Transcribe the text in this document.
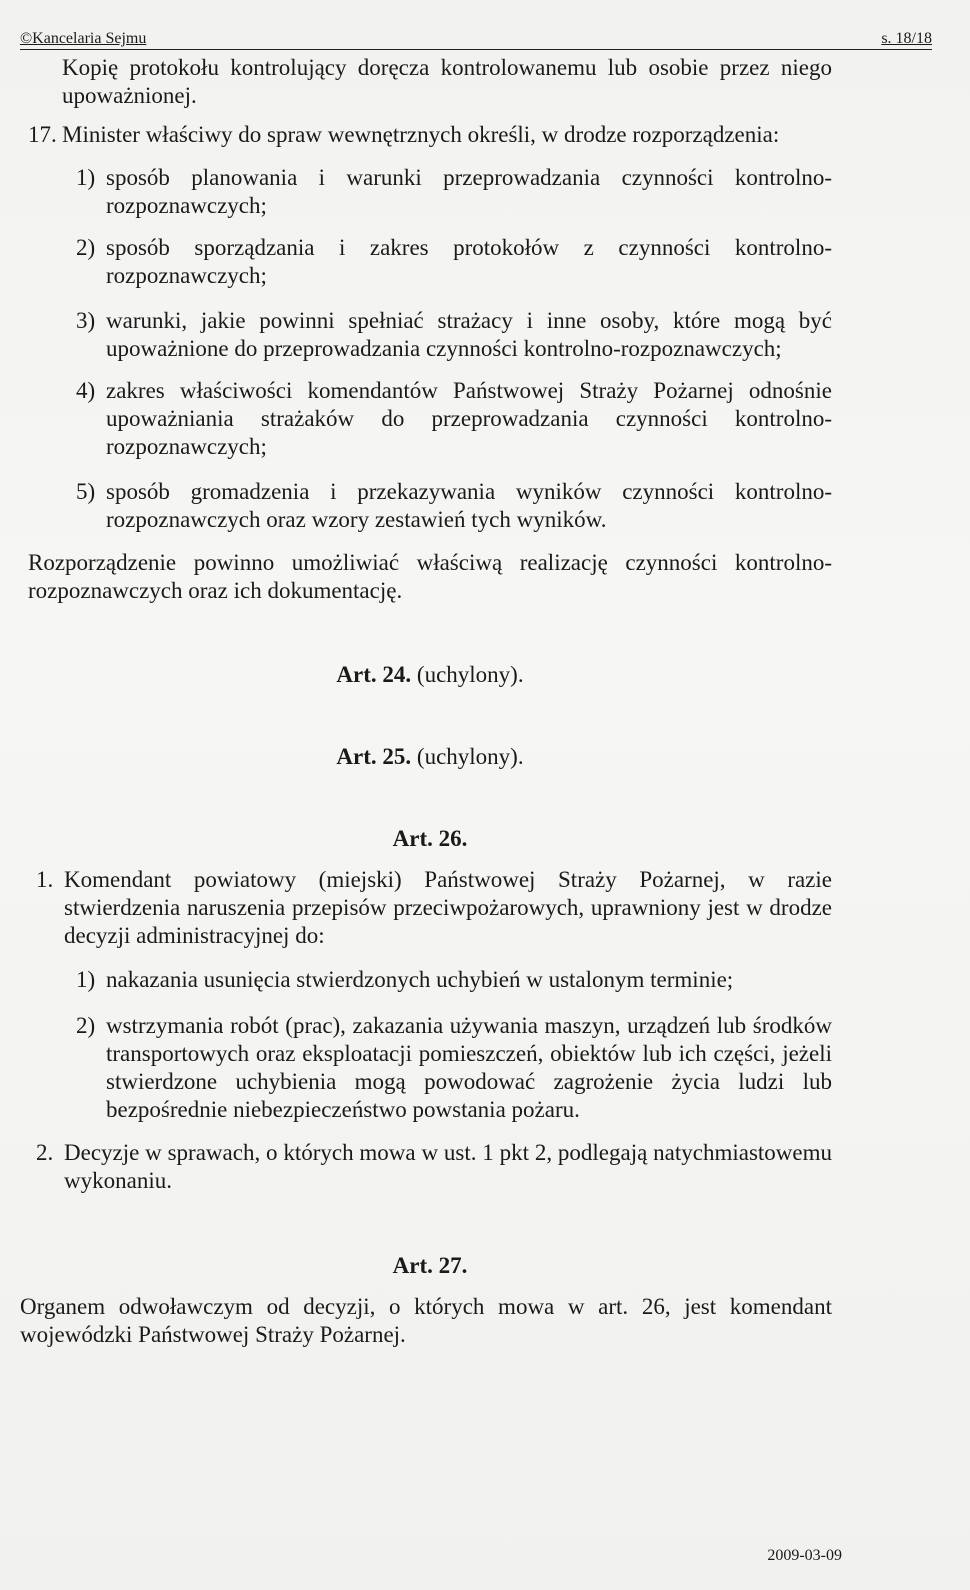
©Kancelaria Sejmu	s. 18/18

Kopię protokołu kontrolujący doręcza kontrolowanemu lub osobie przez niego upoważnionej.

17. Minister właściwy do spraw wewnętrznych określi, w drodze rozporządzenia:
1) sposób planowania i warunki przeprowadzania czynności kontrolno-rozpoznawczych;
2) sposób sporządzania i zakres protokołów z czynności kontrolno-rozpoznawczych;
3) warunki, jakie powinni spełniać strażacy i inne osoby, które mogą być upoważnione do przeprowadzania czynności kontrolno-rozpoznawczych;
4) zakres właściwości komendantów Państwowej Straży Pożarnej odnośnie upoważniania strażaków do przeprowadzania czynności kontrolno-rozpoznawczych;
5) sposób gromadzenia i przekazywania wyników czynności kontrolno-rozpoznawczych oraz wzory zestawień tych wyników.

Rozporządzenie powinno umożliwiać właściwą realizację czynności kontrolno-rozpoznawczych oraz ich dokumentację.

Art. 24. (uchylony).
Art. 25. (uchylony).
Art. 26.
1. Komendant powiatowy (miejski) Państwowej Straży Pożarnej, w razie stwierdzenia naruszenia przepisów przeciwpożarowych, uprawniony jest w drodze decyzji administracyjnej do:
1) nakazania usunięcia stwierdzonych uchybień w ustalonym terminie;
2) wstrzymania robót (prac), zakazania używania maszyn, urządzeń lub środków transportowych oraz eksploatacji pomieszczeń, obiektów lub ich części, jeżeli stwierdzone uchybienia mogą powodować zagrożenie życia ludzi lub bezpośrednie niebezpieczeństwo powstania pożaru.
2. Decyzje w sprawach, o których mowa w ust. 1 pkt 2, podlegają natychmiastowemu wykonaniu.
Art. 27.

Organem odwoławczym od decyzji, o których mowa w art. 26, jest komendant wojewódzki Państwowej Straży Pożarnej.

2009-03-09
